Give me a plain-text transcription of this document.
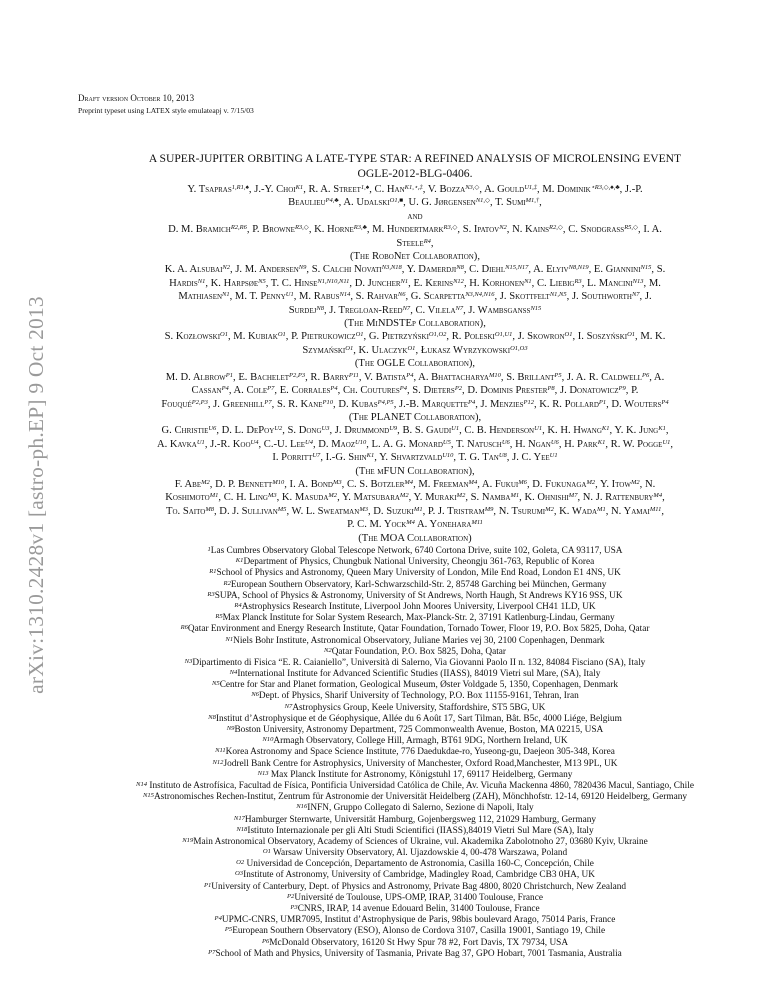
arXiv:1310.2428v1 [astro-ph.EP] 9 Oct 2013
Draft version October 10, 2013
Preprint typeset using LATEX style emulateapj v. 7/15/03
A SUPER-JUPITER ORBITING A LATE-TYPE STAR: A REFINED ANALYSIS OF MICROLENSING EVENT
OGLE-2012-BLG-0406.
Y. Tsapras$^{1,R1,♠}$, J.-Y. Choi$^{K1}$, R. A. Street$^{1,♠}$, C. Han$^{K1,⋆,\ddagger}$, V. Bozza$^{N3,◇}$, A. Gould$^{U1,\ddagger}$, M. Dominik$^{⋆R3,◇,♠,♣}$, J.-P.
Beaulieu$^{P4,♣}$, A. Udalski$^{O1,■}$, U. G. Jørgensen$^{N1,◇}$, T. Sumi$^{M1,\dagger}$,
and
D. M. Bramich$^{R2,R6}$, P. Browne$^{R3,◇}$, K. Horne$^{R3,♣}$, M. Hundertmark$^{R3,◇}$, S. Ipatov$^{N2}$, N. Kains$^{R2,◇}$, C. Snodgrass$^{R5,◇}$, I. A.
Steele$^{R4}$,
(The RoboNet Collaboration),
K. A. Alsubai$^{N2}$, J. M. Andersen$^{N9}$, S. Calchi Novati$^{N3,N18}$, Y. Damerdji$^{N8}$, C. Diehl$^{N15,N17}$, A. Elyiv$^{N8,N19}$, E. Giannini$^{N15}$, S.
Hardis$^{N1}$, K. Harpsøe$^{N5}$, T. C. Hinse$^{N1,N10,N11}$, D. Juncher$^{N1}$, E. Kerins$^{N12}$, H. Korhonen$^{N1}$, C. Liebig$^{R3}$, L. Mancini$^{N13}$, M.
Mathiasen$^{N1}$, M. T. Penny$^{U1}$, M. Rabus$^{N14}$, S. Rahvar$^{N6}$, G. Scarpetta$^{N3,N4,N16}$, J. Skottfelt$^{N1,N5}$, J. Southworth$^{N7}$, J.
Surdej$^{N8}$, J. Tregloan-Reed$^{N7}$, C. Vilela$^{N7}$, J. Wambsganss$^{N15}$
(The MiNDSTEp Collaboration),
S. Kozłowski$^{O1}$, M. Kubiak$^{O1}$, P. Pietrukowicz$^{O1}$, G. Pietrzyński$^{O1,O2}$, R. Poleski$^{O1,U1}$, J. Skowron$^{O1}$, I. Soszyński$^{O1}$, M. K.
Szymański$^{O1}$, K. Ulaczyk$^{O1}$, Łukasz Wyrzykowski$^{O1,O3}$
(The OGLE Collaboration),
M. D. Albrow$^{P1}$, E. Bachelet$^{P2,P3}$, R. Barry$^{P11}$, V. Batista$^{P4}$, A. Bhattacharya$^{M10}$, S. Brillant$^{P5}$, J. A. R. Caldwell$^{P6}$, A.
Cassan$^{P4}$, A. Cole$^{P7}$, E. Corrales$^{P4}$, Ch. Coutures$^{P4}$, S. Dieters$^{P2}$, D. Dominis Prester$^{P8}$, J. Donatowicz$^{P9}$, P.
Fouqué$^{P2,P3}$, J. Greenhill$^{P7}$, S. R. Kane$^{P10}$, D. Kubas$^{P4,P5}$, J.-B. Marquette$^{P4}$, J. Menzies$^{P12}$, K. R. Pollard$^{P1}$, D. Wouters$^{P4}$
(The PLANET Collaboration),
G. Christie$^{U6}$, D. L. DePoy$^{U2}$, S. Dong$^{U3}$, J. Drummond$^{U9}$, B. S. Gaudi$^{U1}$, C. B. Henderson$^{U1}$, K. H. Hwang$^{K1}$, Y. K. Jung$^{K1}$,
A. Kavka$^{U1}$, J.-R. Koo$^{U4}$, C.-U. Lee$^{U4}$, D. Maoz$^{U10}$, L. A. G. Monard$^{U5}$, T. Natusch$^{U6}$, H. Ngan$^{U6}$, H. Park$^{K1}$, R. W. Pogge$^{U1}$,
I. Porritt$^{U7}$, I.-G. Shin$^{K1}$, Y. Shvartzvald$^{U10}$, T. G. Tan$^{U8}$, J. C. Yee$^{U1}$
(The μFUN Collaboration),
F. Abe$^{M2}$, D. P. Bennett$^{M10}$, I. A. Bond$^{M3}$, C. S. Botzler$^{M4}$, M. Freeman$^{M4}$, A. Fukui$^{M6}$, D. Fukunaga$^{M2}$, Y. Itow$^{M2}$, N.
Koshimoto$^{M1}$, C. H. Ling$^{M3}$, K. Masuda$^{M2}$, Y. Matsubara$^{M2}$, Y. Muraki$^{M2}$, S. Namba$^{M1}$, K. Ohnishi$^{M7}$, N. J. Rattenbury$^{M4}$,
To. Saito$^{M8}$, D. J. Sullivan$^{M5}$, W. L. Sweatman$^{M3}$, D. Suzuki$^{M1}$, P. J. Tristram$^{M9}$, N. Tsurumi$^{M2}$, K. Wada$^{M1}$, N. Yamai$^{M11}$,
P. C. M. Yock$^{M4}$ A. Yonehara$^{M11}$
(The MOA Collaboration)
$^1$Las Cumbres Observatory Global Telescope Network, 6740 Cortona Drive, suite 102, Goleta, CA 93117, USA
$^{K1}$Department of Physics, Chungbuk National University, Cheongju 361-763, Republic of Korea
$^{R1}$School of Physics and Astronomy, Queen Mary University of London, Mile End Road, London E1 4NS, UK
$^{R2}$European Southern Observatory, Karl-Schwarzschild-Str. 2, 85748 Garching bei München, Germany
$^{R3}$SUPA, School of Physics & Astronomy, University of St Andrews, North Haugh, St Andrews KY16 9SS, UK
$^{R4}$Astrophysics Research Institute, Liverpool John Moores University, Liverpool CH41 1LD, UK
$^{R5}$Max Planck Institute for Solar System Research, Max-Planck-Str. 2, 37191 Katlenburg-Lindau, Germany
$^{R6}$Qatar Environment and Energy Research Institute, Qatar Foundation, Tornado Tower, Floor 19, P.O. Box 5825, Doha, Qatar
$^{N1}$Niels Bohr Institute, Astronomical Observatory, Juliane Maries vej 30, 2100 Copenhagen, Denmark
$^{N2}$Qatar Foundation, P.O. Box 5825, Doha, Qatar
$^{N3}$Dipartimento di Fisica “E. R. Caianiello”, Università di Salerno, Via Giovanni Paolo II n. 132, 84084 Fisciano (SA), Italy
$^{N4}$International Institute for Advanced Scientific Studies (IIASS), 84019 Vietri sul Mare, (SA), Italy
$^{N5}$Centre for Star and Planet formation, Geological Museum, Øster Voldgade 5, 1350, Copenhagen, Denmark
$^{N6}$Dept. of Physics, Sharif University of Technology, P.O. Box 11155-9161, Tehran, Iran
$^{N7}$Astrophysics Group, Keele University, Staffordshire, ST5 5BG, UK
$^{N8}$Institut d’Astrophysique et de Géophysique, Allée du 6 Août 17, Sart Tilman, Bât. B5c, 4000 Liége, Belgium
$^{N9}$Boston University, Astronomy Department, 725 Commonwealth Avenue, Boston, MA 02215, USA
$^{N10}$Armagh Observatory, College Hill, Armagh, BT61 9DG, Northern Ireland, UK
$^{N11}$Korea Astronomy and Space Science Institute, 776 Daedukdae-ro, Yuseong-gu, Daejeon 305-348, Korea
$^{N12}$Jodrell Bank Centre for Astrophysics, University of Manchester, Oxford Road,Manchester, M13 9PL, UK
$^{N13}$ Max Planck Institute for Astronomy, Königstuhl 17, 69117 Heidelberg, Germany
$^{N14}$ Instituto de Astrofísica, Facultad de Física, Pontificia Universidad Católica de Chile, Av. Vicuña Mackenna 4860, 7820436 Macul, Santiago, Chile
$^{N15}$Astronomisches Rechen-Institut, Zentrum für Astronomie der Universität Heidelberg (ZAH), Mönchhofstr. 12-14, 69120 Heidelberg, Germany
$^{N16}$INFN, Gruppo Collegato di Salerno, Sezione di Napoli, Italy
$^{N17}$Hamburger Sternwarte, Universität Hamburg, Gojenbergsweg 112, 21029 Hamburg, Germany
$^{N18}$Istituto Internazionale per gli Alti Studi Scientifici (IIASS),84019 Vietri Sul Mare (SA), Italy
$^{N19}$Main Astronomical Observatory, Academy of Sciences of Ukraine, vul. Akademika Zabolotnoho 27, 03680 Kyiv, Ukraine
$^{O1}$ Warsaw University Observatory, Al. Ujazdowskie 4, 00-478 Warszawa, Poland
$^{O2}$ Universidad de Concepción, Departamento de Astronomia, Casilla 160-C, Concepción, Chile
$^{O3}$Institute of Astronomy, University of Cambridge, Madingley Road, Cambridge CB3 0HA, UK
$^{P1}$University of Canterbury, Dept. of Physics and Astronomy, Private Bag 4800, 8020 Christchurch, New Zealand
$^{P2}$Université de Toulouse, UPS-OMP, IRAP, 31400 Toulouse, France
$^{P3}$CNRS, IRAP, 14 avenue Edouard Belin, 31400 Toulouse, France
$^{P4}$UPMC-CNRS, UMR7095, Institut d’Astrophysique de Paris, 98bis boulevard Arago, 75014 Paris, France
$^{P5}$European Southern Observatory (ESO), Alonso de Cordova 3107, Casilla 19001, Santiago 19, Chile
$^{P6}$McDonald Observatory, 16120 St Hwy Spur 78 #2, Fort Davis, TX 79734, USA
$^{P7}$School of Math and Physics, University of Tasmania, Private Bag 37, GPO Hobart, 7001 Tasmania, Australia
